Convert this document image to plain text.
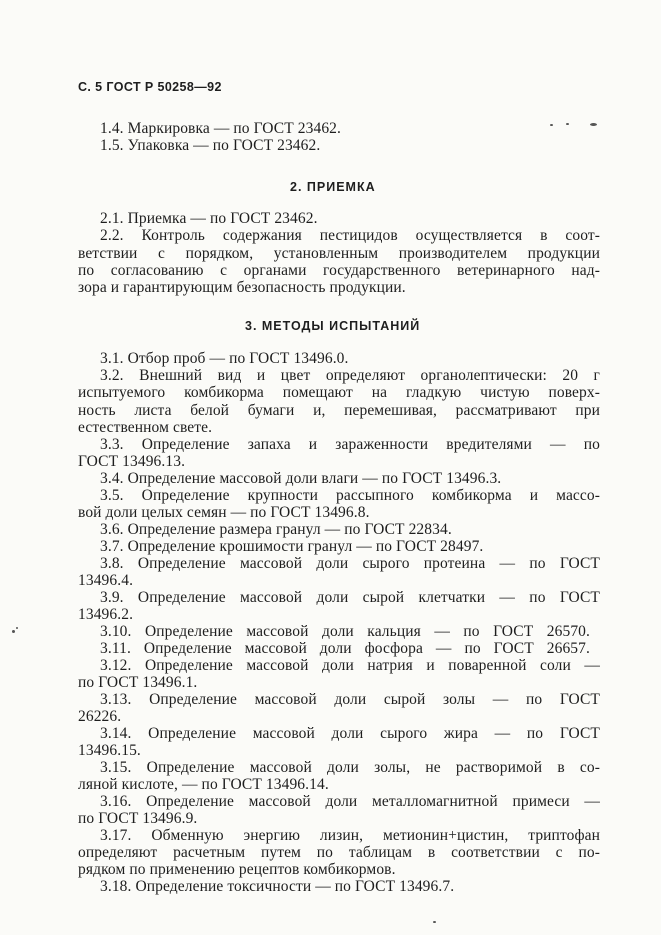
С. 5 ГОСТ Р 50258—92
1.4. Маркировка — по ГОСТ 23462.
1.5. Упаковка — по ГОСТ 23462.
2. ПРИЕМКА
2.1. Приемка — по ГОСТ 23462.
2.2. Контроль содержания пестицидов осуществляется в соот-
ветствии с порядком, установленным производителем продукции
по согласованию с органами государственного ветеринарного над-
зора и гарантирующим безопасность продукции.
3. МЕТОДЫ ИСПЫТАНИЙ
3.1. Отбор проб — по ГОСТ 13496.0.
3.2. Внешний вид и цвет определяют органолептически: 20 г
испытуемого комбикорма помещают на гладкую чистую поверх-
ность листа белой бумаги и, перемешивая, рассматривают при
естественном свете.
3.3. Определение запаха и зараженности вредителями — по
ГОСТ 13496.13.
3.4. Определение массовой доли влаги — по ГОСТ 13496.3.
3.5. Определение крупности рассыпного комбикорма и массо-
вой доли целых семян — по ГОСТ 13496.8.
3.6. Определение размера гранул — по ГОСТ 22834.
3.7. Определение крошимости гранул — по ГОСТ 28497.
3.8. Определение массовой доли сырого протеина — по ГОСТ
13496.4.
3.9. Определение массовой доли сырой клетчатки — по ГОСТ
13496.2.
3.10. Определение массовой доли кальция — по ГОСТ 26570.
3.11. Определение массовой доли фосфора — по ГОСТ 26657.
3.12. Определение массовой доли натрия и поваренной соли —
по ГОСТ 13496.1.
3.13. Определение массовой доли сырой золы — по ГОСТ
26226.
3.14. Определение массовой доли сырого жира — по ГОСТ
13496.15.
3.15. Определение массовой доли золы, не растворимой в со-
ляной кислоте, — по ГОСТ 13496.14.
3.16. Определение массовой доли металломагнитной примеси —
по ГОСТ 13496.9.
3.17. Обменную энергию лизин, метионин+цистин, триптофан
определяют расчетным путем по таблицам в соответствии с по-
рядком по применению рецептов комбикормов.
3.18. Определение токсичности — по ГОСТ 13496.7.
